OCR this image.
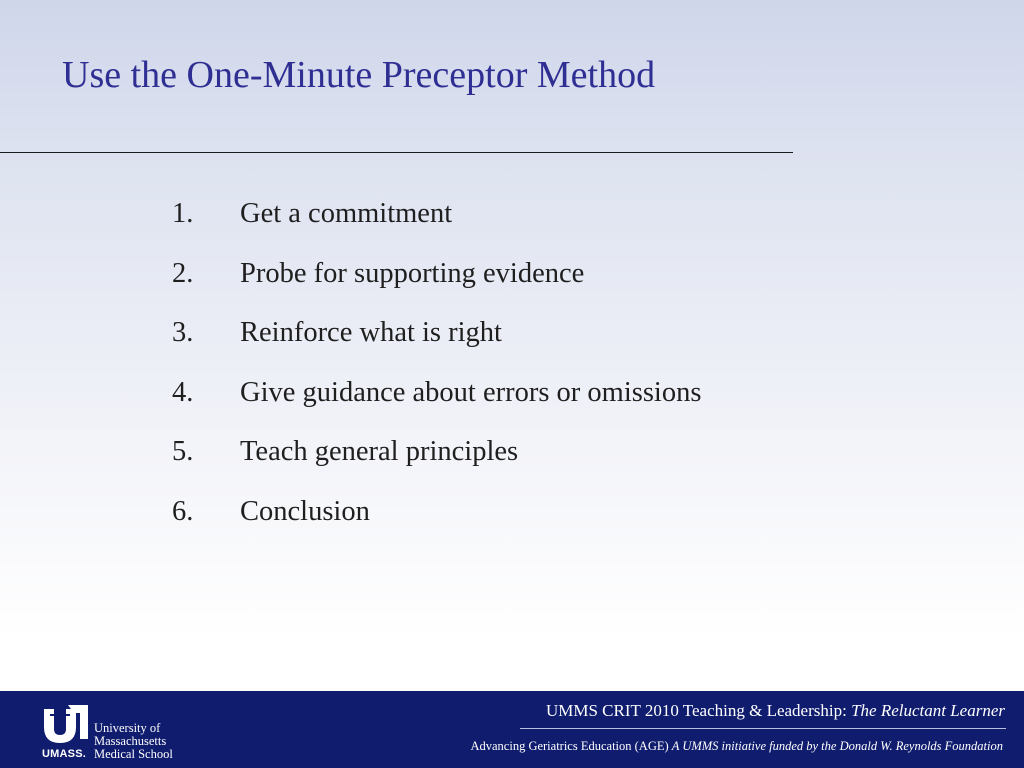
Use the One-Minute Preceptor Method
1.	Get a commitment
2.	Probe for supporting evidence
3.	Reinforce what is right
4.	Give guidance about errors or omissions
5.	Teach general principles
6.	Conclusion
University of
Massachusetts
UMASS. Medical School
UMMS CRIT 2010 Teaching & Leadership: The Reluctant Learner
Advancing Geriatrics Education (AGE) A UMMS initiative funded by the Donald W. Reynolds Foundation
